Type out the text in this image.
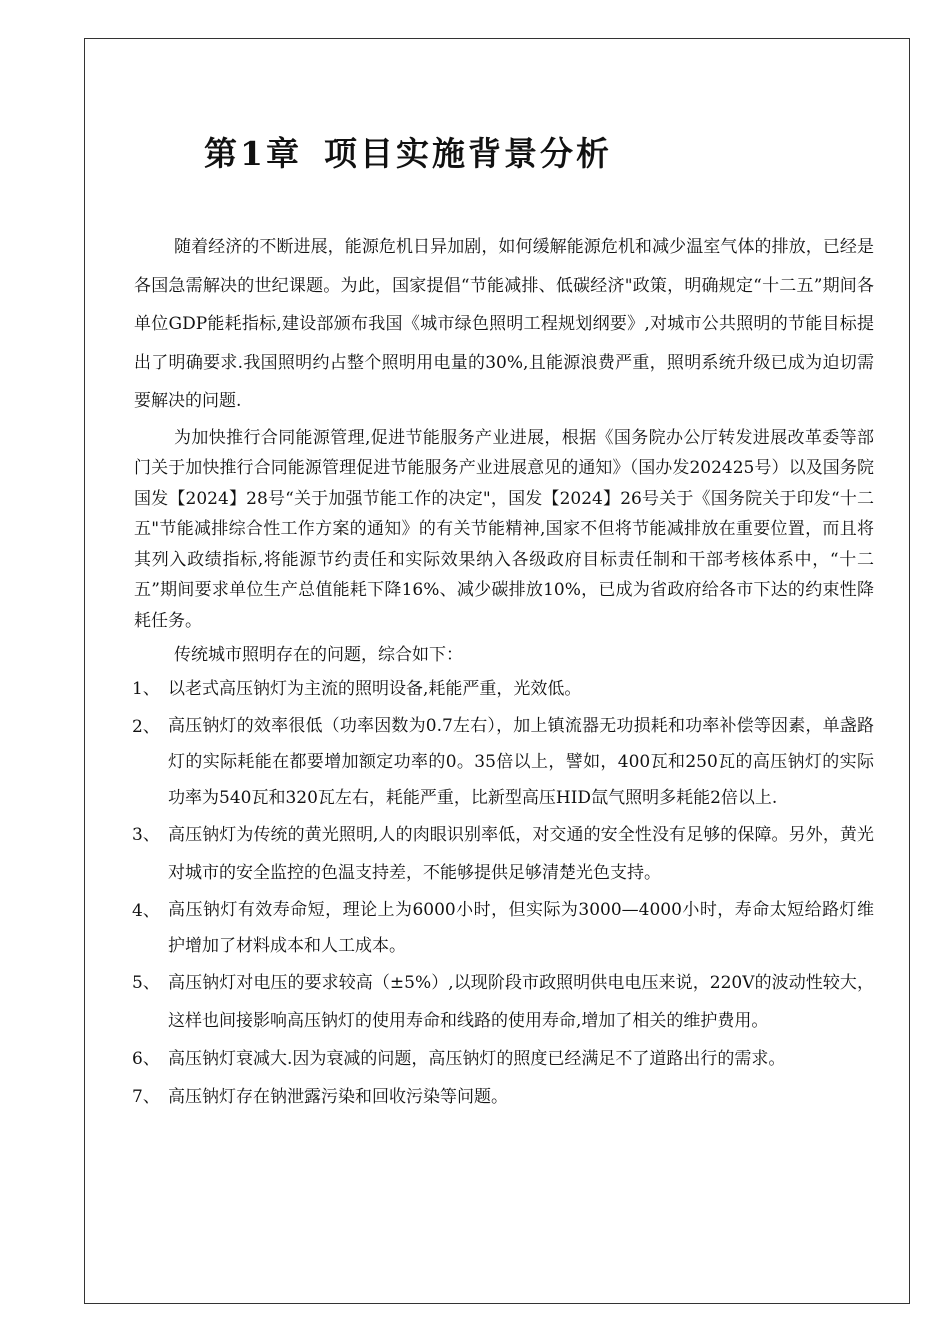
第1章 项目实施背景分析

随着经济的不断进展，能源危机日异加剧，如何缓解能源危机和减少温室气体的排放，已经是各国急需解决的世纪课题。为此，国家提倡“节能减排、低碳经济"政策，明确规定“十二五”期间各单位GDP能耗指标,建设部颁布我国《城市绿色照明工程规划纲要》,对城市公共照明的节能目标提出了明确要求.我国照明约占整个照明用电量的30%,且能源浪费严重，照明系统升级已成为迫切需要解决的问题.

为加快推行合同能源管理,促进节能服务产业进展，根据《国务院办公厅转发进展改革委等部门关于加快推行合同能源管理促进节能服务产业进展意见的通知》（国办发202425号）以及国务院国发【2024】28号“关于加强节能工作的决定"，国发【2024】26号关于《国务院关于印发“十二五"节能减排综合性工作方案的通知》的有关节能精神,国家不但将节能减排放在重要位置，而且将其列入政绩指标,将能源节约责任和实际效果纳入各级政府目标责任制和干部考核体系中，“十二五”期间要求单位生产总值能耗下降16%、减少碳排放10%，已成为省政府给各市下达的约束性降耗任务。

传统城市照明存在的问题，综合如下：

1、 以老式高压钠灯为主流的照明设备,耗能严重，光效低。
2、 高压钠灯的效率很低（功率因数为0.7左右），加上镇流器无功损耗和功率补偿等因素，单盏路灯的实际耗能在都要增加额定功率的0。35倍以上，譬如，400瓦和250瓦的高压钠灯的实际功率为540瓦和320瓦左右，耗能严重，比新型高压HID氙气照明多耗能2倍以上.
3、 高压钠灯为传统的黄光照明,人的肉眼识别率低，对交通的安全性没有足够的保障。另外，黄光对城市的安全监控的色温支持差，不能够提供足够清楚光色支持。
4、 高压钠灯有效寿命短，理论上为6000小时，但实际为3000—4000小时，寿命太短给路灯维护增加了材料成本和人工成本。
5、 高压钠灯对电压的要求较高（±5%）,以现阶段市政照明供电电压来说，220V的波动性较大，这样也间接影响高压钠灯的使用寿命和线路的使用寿命,增加了相关的维护费用。
6、 高压钠灯衰减大.因为衰减的问题，高压钠灯的照度已经满足不了道路出行的需求。
7、 高压钠灯存在钠泄露污染和回收污染等问题。
